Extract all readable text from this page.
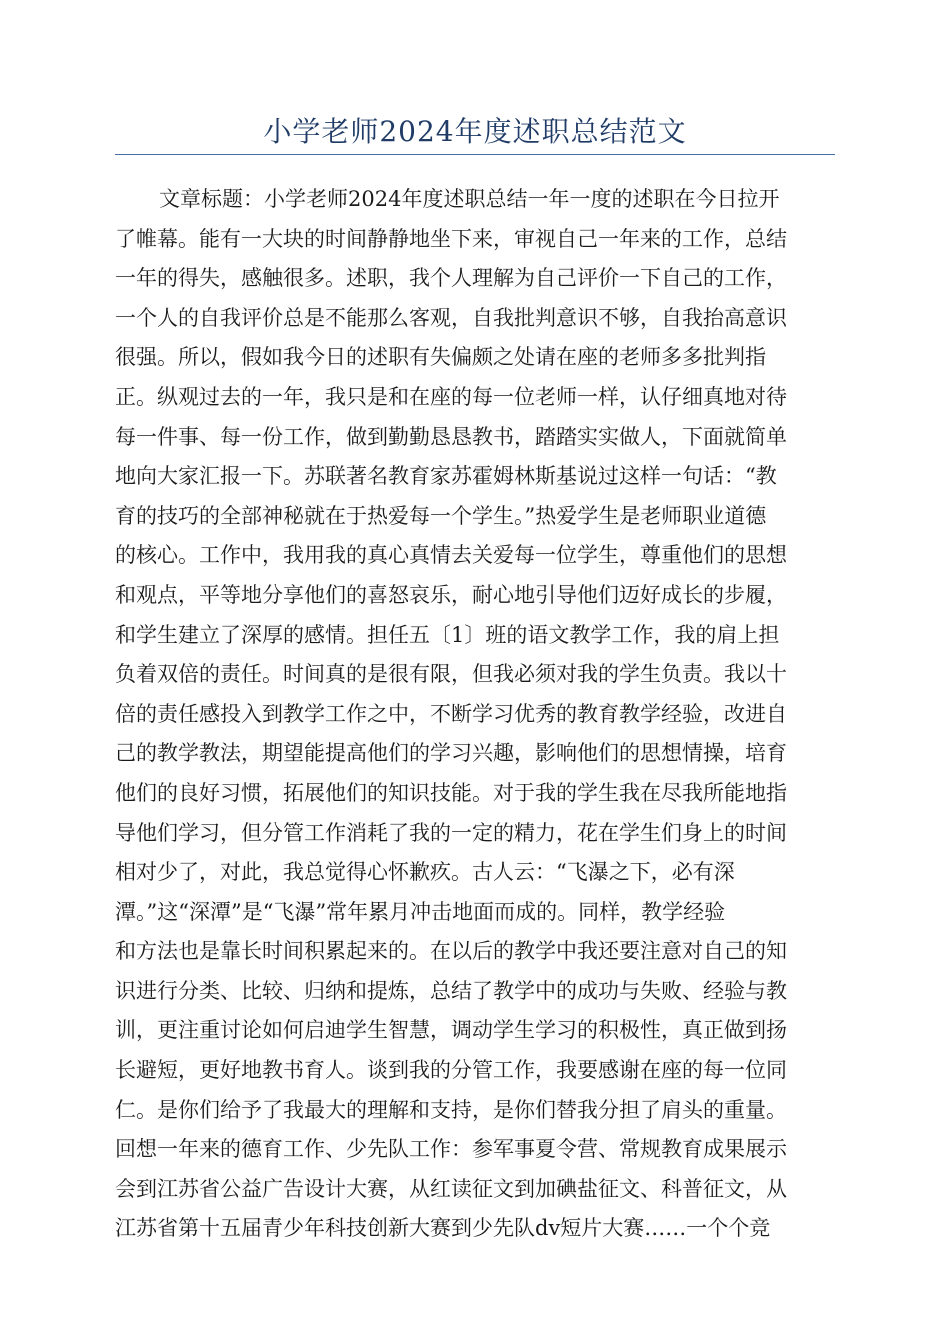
小学老师2024年度述职总结范文
文章标题：小学老师2024年度述职总结一年一度的述职在今日拉开
了帷幕。能有一大块的时间静静地坐下来，审视自己一年来的工作，总结
一年的得失，感触很多。述职，我个人理解为自己评价一下自己的工作，
一个人的自我评价总是不能那么客观，自我批判意识不够，自我抬高意识
很强。所以，假如我今日的述职有失偏颇之处请在座的老师多多批判指
正。纵观过去的一年，我只是和在座的每一位老师一样，认仔细真地对待
每一件事、每一份工作，做到勤勤恳恳教书，踏踏实实做人，下面就简单
地向大家汇报一下。苏联著名教育家苏霍姆林斯基说过这样一句话：“教
育的技巧的全部神秘就在于热爱每一个学生。”热爱学生是老师职业道德
的核心。工作中，我用我的真心真情去关爱每一位学生，尊重他们的思想
和观点，平等地分享他们的喜怒哀乐，耐心地引导他们迈好成长的步履，
和学生建立了深厚的感情。担任五〔1〕班的语文教学工作，我的肩上担
负着双倍的责任。时间真的是很有限，但我必须对我的学生负责。我以十
倍的责任感投入到教学工作之中，不断学习优秀的教育教学经验，改进自
己的教学教法，期望能提高他们的学习兴趣，影响他们的思想情操，培育
他们的良好习惯，拓展他们的知识技能。对于我的学生我在尽我所能地指
导他们学习，但分管工作消耗了我的一定的精力，花在学生们身上的时间
相对少了，对此，我总觉得心怀歉疚。古人云：“飞瀑之下，必有深
潭。”这“深潭”是“飞瀑”常年累月冲击地面而成的。同样，教学经验
和方法也是靠长时间积累起来的。在以后的教学中我还要注意对自己的知
识进行分类、比较、归纳和提炼，总结了教学中的成功与失败、经验与教
训，更注重讨论如何启迪学生智慧，调动学生学习的积极性，真正做到扬
长避短，更好地教书育人。谈到我的分管工作，我要感谢在座的每一位同
仁。是你们给予了我最大的理解和支持，是你们替我分担了肩头的重量。
回想一年来的德育工作、少先队工作：参军事夏令营、常规教育成果展示
会到江苏省公益广告设计大赛，从红读征文到加碘盐征文、科普征文，从
江苏省第十五届青少年科技创新大赛到少先队dv短片大赛……一个个竞
